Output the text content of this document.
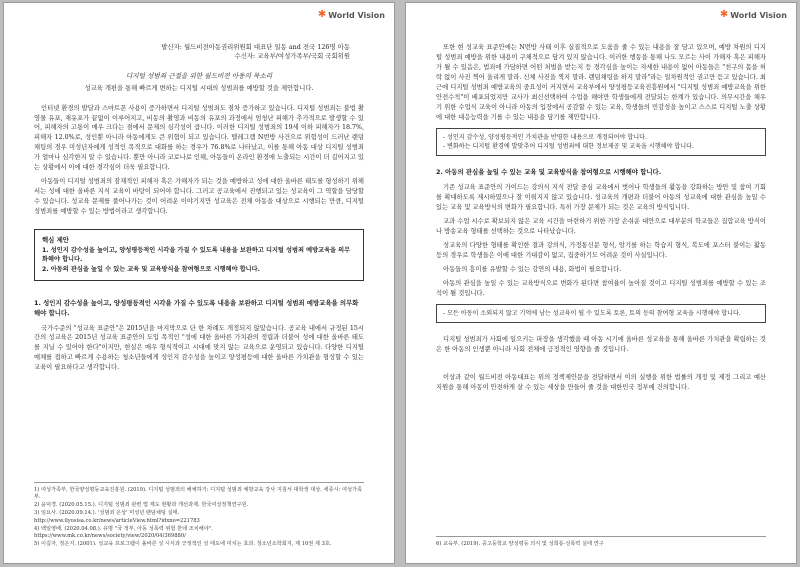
✱ World Vision
발신자: 월드비전아동권리위원회 대표단 일동 and 전국 126명 아동
수신자: 교육부/여성가족부/국회 국회위원
디지털 성범죄 근절을 위한 월드비전 아동의 목소리
성교육 개편을 통해 빠르게 변하는 디지털 시대의 성범죄를 예방할 것을 제안합니다.

인터넷 환경의 발달과 스마트폰 사용이 증가하면서 디지털 성범죄도 점차 증가하고 있습니다. 디지털 성범죄는 불법 촬영물 유포, 재유포가 끝없이 이루어지고, 비동의 촬영과 비동의 유포의 과정에서 엄청난 피해가 추가적으로 발생할 수 있어, 피해자의 고통이 매우 크다는 점에서 문제의 심각성이 큽니다. 이러한 디지털 성범죄의 19세 이하 피해자가 18.7%, 피해자 12.0%로, 성인뿐 아니라 아동에게도 큰 위협이 되고 있습니다. 텔레그램 N번방 사건으로 위험성이 드러난 랜덤채팅의 경우 미성년자에게 성적인 목적으로 대화를 하는 경우가 76.8%로 나타났고, 이를 통해 아동 대상 디지털 성범죄가 얼마나 심각한지 알 수 있습니다. 뿐만 아니라 코로나로 인해, 아동들이 온라인 환경에 노출되는 시간이 더 길어지고 있는 상황에서 이에 대한 경각심이 더욱 필요합니다.

아동들이 디지털 성범죄의 잠재적인 피해자 혹은 가해자가 되는 것을 예방하고 성에 대한 올바른 태도를 형성하기 위해서는 성에 대한 올바른 지식 교육이 바탕이 되어야 합니다. 그러고 공교육에서 진행되고 있는 성교육이 그 역할을 담당할 수 있습니다. 성교육 문제를 풀어나가는 것이 어려운 이야기지만 성교육은 전체 아동을 대상으로 시행되는 만큼, 디지털 성범죄를 예방할 수 있는 방법이라고 생각합니다.

핵심 제안
1. 성인지 감수성을 높이고, 양성평등적인 시각을 가질 수 있도록 내용을 보완하고 디지털 성범죄 예방교육을 의무화해야 합니다.
2. 아동의 관심을 높일 수 있는 교육 및 교육방식을 참여형으로 시행해야 합니다.
1. 성인지 감수성을 높이고, 양성평등적인 시각을 가질 수 있도록 내용을 보완하고 디지털 성범죄 예방교육을 의무화해야 합니다.

국가수준의 "성교육 표준안"은 2015년을 마지막으로 단 한 차례도 개정되지 않았습니다. 공교육 내에서 규정된 15시간의 성교육은 2015년 성교육 표준안의 도입 목적인 "성에 대한 올바른 가치관의 정립과 더불어 성에 대한 올바른 태도를 지닐 수 있어야 한다"이지만, 현실은 매우 형식적이고 시대에 맞지 않는 교육으로 운영되고 있습니다. 다양한 디지털 매체를 접하고 빠르게 수용하는 청소년들에게 성인지 감수성을 높이고 양성평등에 대한 올바른 가치관을 형성할 수 있는 교육이 필요하다고 생각합니다.

1) 여성가족부, 한국양성평등교육진흥원. (2019). 디지털 성범죄의 해체하기: 디지털 성범죄 예방교육 강사 지침서 대학생 대상. 세종시: 여성가족부.
2) 윤덕경. (2020.05.15.). 디지털 성범죄 관련 법 제도 현황과 개선과제. 한국여성정책연구원.
3) 임요사. (2020.09.14.). '성범죄 온상' 미성년 랜덤채팅 실태.
http://www.ilyosisa.co.kr/news/articleView.html?idxno=221783
4) 백일영배. (2020.04.08.). 유명 "국 정부, 아동 성폭력 위험 한데 조치해야".
https://www.mk.co.kr/news/society/view/2020/04/369880/
5) 이길자, 정은지. (2001). 성교육 프로그램이 올바른 성 시식과 긍정적인 성 태도에 미치는 효과. 청소년소학회지, 제 10권 제 3호.
✱ World Vision

또한 현 성교육 표준안에는 N번방 사태 이후 실질적으로 도움을 줄 수 있는 내용을 잘 담고 있으며, 예방 차원의 디지털 성범죄 예방을 위한 내용이 구체적으로 담겨 있지 않습니다. 이러한 행동을 통해 나도 모르는 사이 가해자 혹은 피해자가 될 수 있음은, 법죄에 가담하면 어떤 처벌을 받는지 등 경각심을 높이는 자세한 내용이 없어 아동들은 "친구의 몸을 허락 없이 사진 찍어 올리게 말라. 신체 사진을 찍지 말라. 랜덤채팅을 하지 말라"라는 일차원적인 권고만 듣고 있습니다. 최근에 디지털 성범죄 예방교육의 중요성이 커지면서 교육부에서 양성평등교육진흥원에서 "디지털 성범죄 예방교육을 위한 안전수칙"이 배포되었지만 교사가 최신선택하여 수업을 해야만 학생들에게 전달되는 한계가 있습니다. 의무시간을 채우기 위한 수업식 교육이 아니라 아동의 입장에서 공감할 수 있는 교육, 학생들의 민감성을 높이고 스스로 디지털 노출 상황에 대한 대응능력을 기를 수 있는 내용을 담기를 제안합니다.

- 성인지 감수성, 양성평등적인 가치관을 반영한 내용으로 개정되어야 합니다.
- 변화하는 디지털 환경에 발맞추어 디지털 성범죄에 대한 정보제공 및 교육을 시행해야 합니다.
2. 아동의 관심을 높일 수 있는 교육 및 교육방식을 참여형으로 시행해야 합니다.

기존 성교육 표준안의 가이드는 강의식 지식 전달 중심 교육에서 벗어나 학생들의 활동을 강화하는 방안 및 참여 기회를 확대하도록 제시하였으나 잘 이뤄지지 않고 있습니다. 성교육의 개편과 더불어 아동의 성교육에 대한 관심을 높일 수 있는 교육 및 교육방식의 변화가 필요합니다. 특히 가장 문제가 되는 것은 교육의 방식입니다.

교과 수업 시수로 확보되지 않은 교육 시간을 마련하기 위한 가장 손쉬운 대안으로 대부분의 학교들은 집합교육 방식이나 방송교육 형태를 선택하는 것으로 나타났습니다.

성교육의 다양한 형태를 확인한 결과 강의식, 가정통신문 형식, 암기를 하는 학습지 형식, 복도에 포스터 붙이는 활동 등의 경우로 학생들은 이에 대한 기대감이 없고, 집중하기도 어려운 것이 사실입니다.

아동들의 흥미를 유발할 수 있는 강연의 내용, 화법이 필요합니다.

아동의 관심을 높일 수 있는 교육방식으로 변화가 된다면 참여율이 높아질 것이고 디지털 성범죄를 예방할 수 있는 조석이 될 것입니다.

- 모든 아동이 소외되지 않고 기억에 남는 성교육이 될 수 있도록 토론, 토의 등의 참여형 교육을 시행해야 합니다.

디지털 성범죄가 사회에 일으키는 파장을 생각했을 때 아동 시기에 올바른 성교육을 통해 올바른 가치관을 확립하는 것은 한 아동의 인생뿐 아니라 사회 전체에 긍정적인 영향을 줄 것입니다.

이상과 같이 월드비전 아동대표는 위의 정책제안문을 전달하면서 이의 실행을 위한 법률의 개정 및 제정 그리고 예산 지원을 통해 아동이 안전하게 살 수 있는 세상을 만들어 줄 것을 대한민국 정부에 건의합니다.

6) 교육부. (2019). 중고등학교 양성평등 의식 및 성희롱·성폭력 실태 연구
